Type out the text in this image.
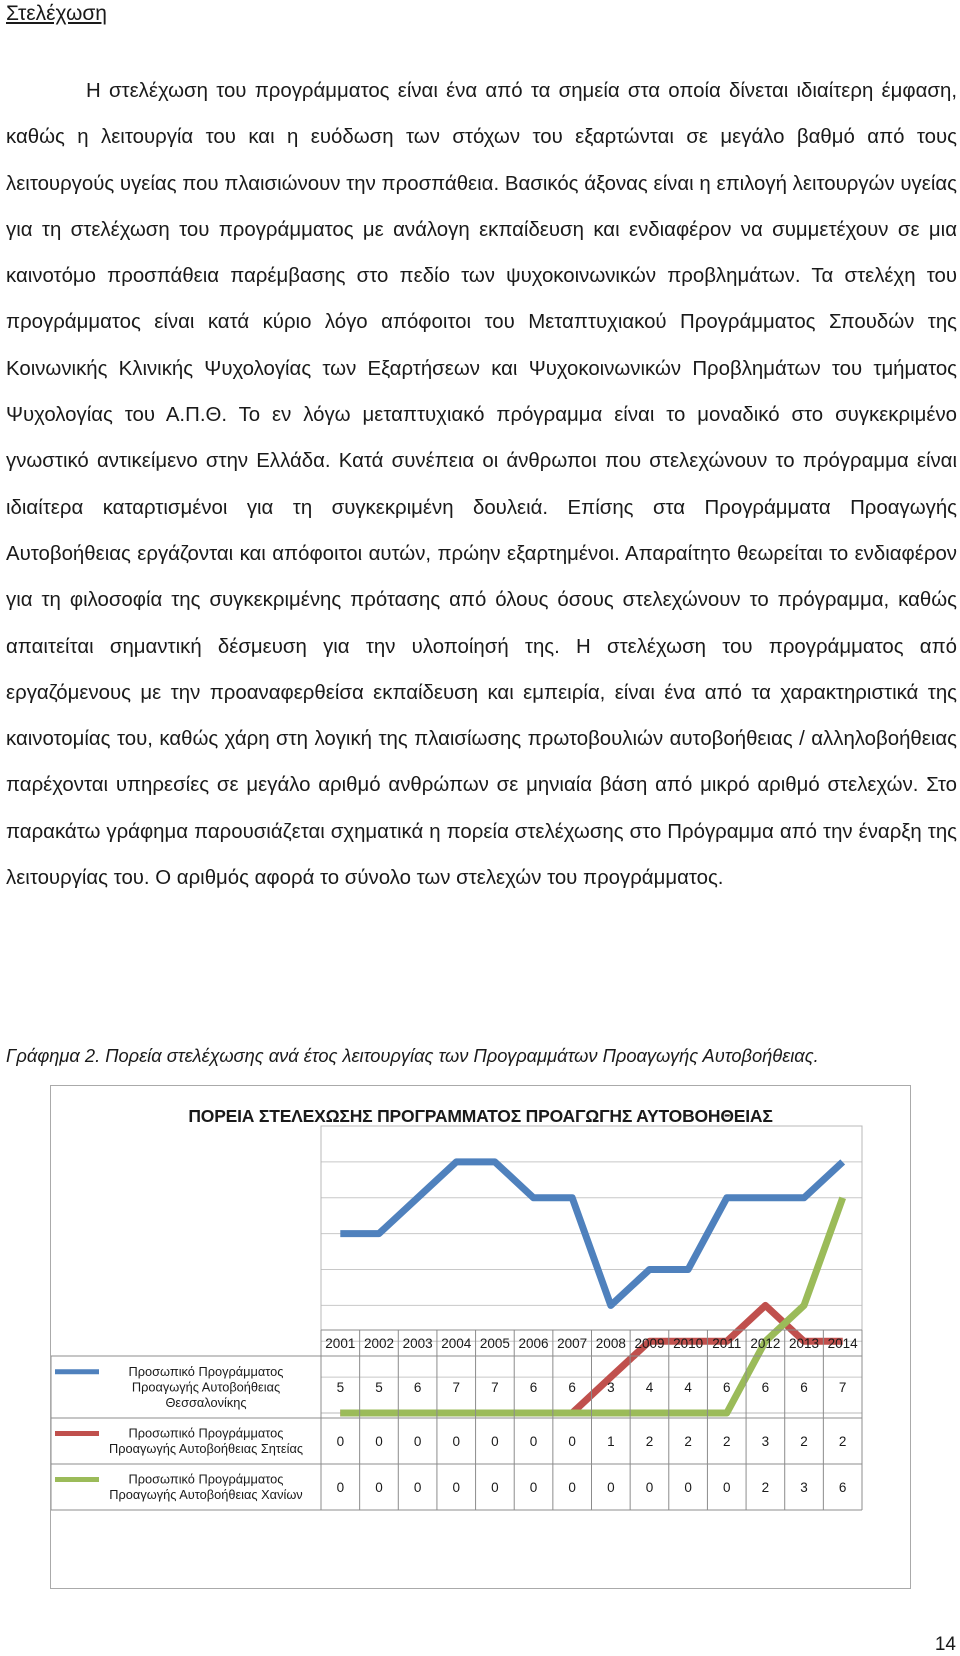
Στελέχωση

Η στελέχωση του προγράμματος είναι ένα από τα σημεία στα οποία δίνεται ιδιαίτερη έμφαση, καθώς η λειτουργία του και η ευόδωση των στόχων του εξαρτώνται σε μεγάλο βαθμό από τους λειτουργούς υγείας που πλαισιώνουν την προσπάθεια. Βασικός άξονας είναι η επιλογή λειτουργών υγείας για τη στελέχωση του προγράμματος με ανάλογη εκπαίδευση και ενδιαφέρον να συμμετέχουν σε μια καινοτόμο προσπάθεια παρέμβασης στο πεδίο των ψυχοκοινωνικών προβλημάτων. Τα στελέχη του προγράμματος είναι κατά κύριο λόγο απόφοιτοι του Μεταπτυχιακού Προγράμματος Σπουδών της Κοινωνικής Κλινικής Ψυχολογίας των Εξαρτήσεων και Ψυχοκοινωνικών Προβλημάτων του τμήματος Ψυχολογίας του Α.Π.Θ. Το εν λόγω μεταπτυχιακό πρόγραμμα είναι το μοναδικό στο συγκεκριμένο γνωστικό αντικείμενο στην Ελλάδα. Κατά συνέπεια οι άνθρωποι που στελεχώνουν το πρόγραμμα είναι ιδιαίτερα καταρτισμένοι για τη συγκεκριμένη δουλειά. Επίσης στα Προγράμματα Προαγωγής Αυτοβοήθειας εργάζονται και απόφοιτοι αυτών, πρώην εξαρτημένοι. Απαραίτητο θεωρείται το ενδιαφέρον για τη φιλοσοφία της συγκεκριμένης πρότασης από όλους όσους στελεχώνουν το πρόγραμμα, καθώς απαιτείται σημαντική δέσμευση για την υλοποίησή της. Η στελέχωση του προγράμματος από εργαζόμενους με την προαναφερθείσα εκπαίδευση και εμπειρία, είναι ένα από τα χαρακτηριστικά της καινοτομίας του, καθώς χάρη στη λογική της πλαισίωσης πρωτοβουλιών αυτοβοήθειας / αλληλοβοήθειας παρέχονται υπηρεσίες σε μεγάλο αριθμό ανθρώπων σε μηνιαία βάση από μικρό αριθμό στελεχών. Στο παρακάτω γράφημα παρουσιάζεται σχηματικά η πορεία στελέχωσης στο Πρόγραμμα από την έναρξη της λειτουργίας του. Ο αριθμός αφορά το σύνολο των στελεχών του προγράμματος.

Γράφημα 2. Πορεία στελέχωσης ανά έτος λειτουργίας των Προγραμμάτων Προαγωγής Αυτοβοήθειας.
ΠΟΡΕΙΑ ΣΤΕΛΕΧΩΣΗΣ ΠΡΟΓΡΑΜΜΑΤΟΣ ΠΡΟΑΓΩΓΗΣ ΑΥΤΟΒΟΗΘΕΙΑΣ
2001 2002 2003 2004 2005 2006 2007 2008 2009 2010 2011 2012 2013 2014
Προσωπικό Προγράμματος
Προαγωγής Αυτοβοήθειας
Θεσσαλονίκης
5 5 6 7 7 6 6 3 4 4 6 6 6 7
Προσωπικό Προγράμματος
Προαγωγής Αυτοβοήθειας Σητείας 0 0 0 0 0 0 0 1 2 2 2 3 2 2
Προσωπικό Προγράμματος
Προαγωγής Αυτοβοήθειας Χανίων	0 0 0 0 0 0 0 0 0 0 0 2 3 6
14
